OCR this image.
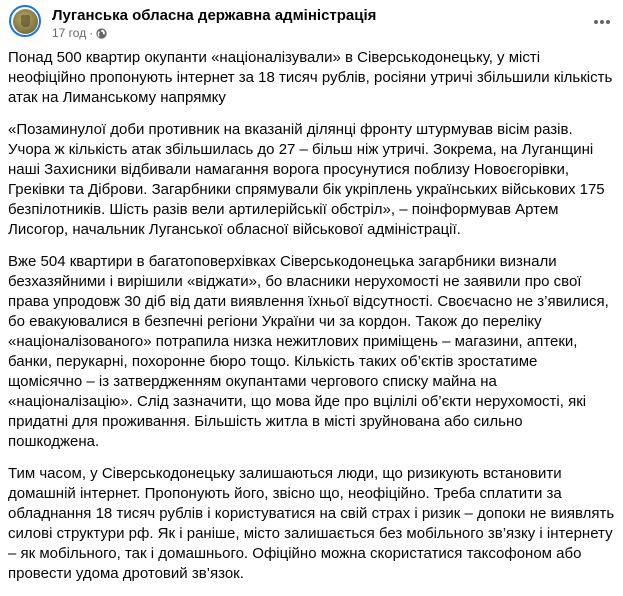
Луганська обласна державна адміністрація
17 год ·

Понад 500 квартир окупанти «націоналізували» в Сіверськодонецьку, у місті неофіційно пропонують інтернет за 18 тисяч рублів, росіяни утричі збільшили кількість атак на Лиманському напрямку

«Позаминулої доби противник на вказаній ділянці фронту штурмував вісім разів. Учора ж кількість атак збільшилась до 27 – більш ніж утричі. Зокрема, на Луганщині наші Захисники відбивали намагання ворога просунутися поблизу Новоєгорівки, Греківки та Діброви. Загарбники спрямували бік укріплень українських військових 175 безпілотників. Шість разів вели артилерійськії обстріл», – поінформував Артем Лисогор, начальник Луганської обласної військової адміністрації.

Вже 504 квартири в багатоповерхівках Сіверськодонецька загарбники визнали безхазяйними і вирішили «віджати», бо власники нерухомості не заявили про свої права упродовж 30 діб від дати виявлення їхньої відсутності. Своєчасно не з’явилися, бо евакуювалися в безпечні регіони України чи за кордон. Також до переліку «націоналізованого» потрапила низка нежитлових приміщень – магазини, аптеки, банки, перукарні, похоронне бюро тощо. Кількість таких об’єктів зростатиме щомісячно – із затвердженням окупантами чергового списку майна на «націоналізацію». Слід зазначити, що мова йде про вцілілі об’єкти нерухомості, які придатні для проживання. Більшість житла в місті зруйнована або сильно пошкоджена.

Тим часом, у Сіверськодонецьку залишаються люди, що ризикують встановити домашній інтернет. Пропонують його, звісно що, неофіційно. Треба сплатити за обладнання 18 тисяч рублів і користуватися на свій страх і ризик – допоки не виявлять силові структури рф. Як і раніше, місто залишається без мобільного зв’язку і інтернету – як мобільного, так і домашнього. Офіційно можна скористатися таксофоном або провести удома дротовий зв’язок.
